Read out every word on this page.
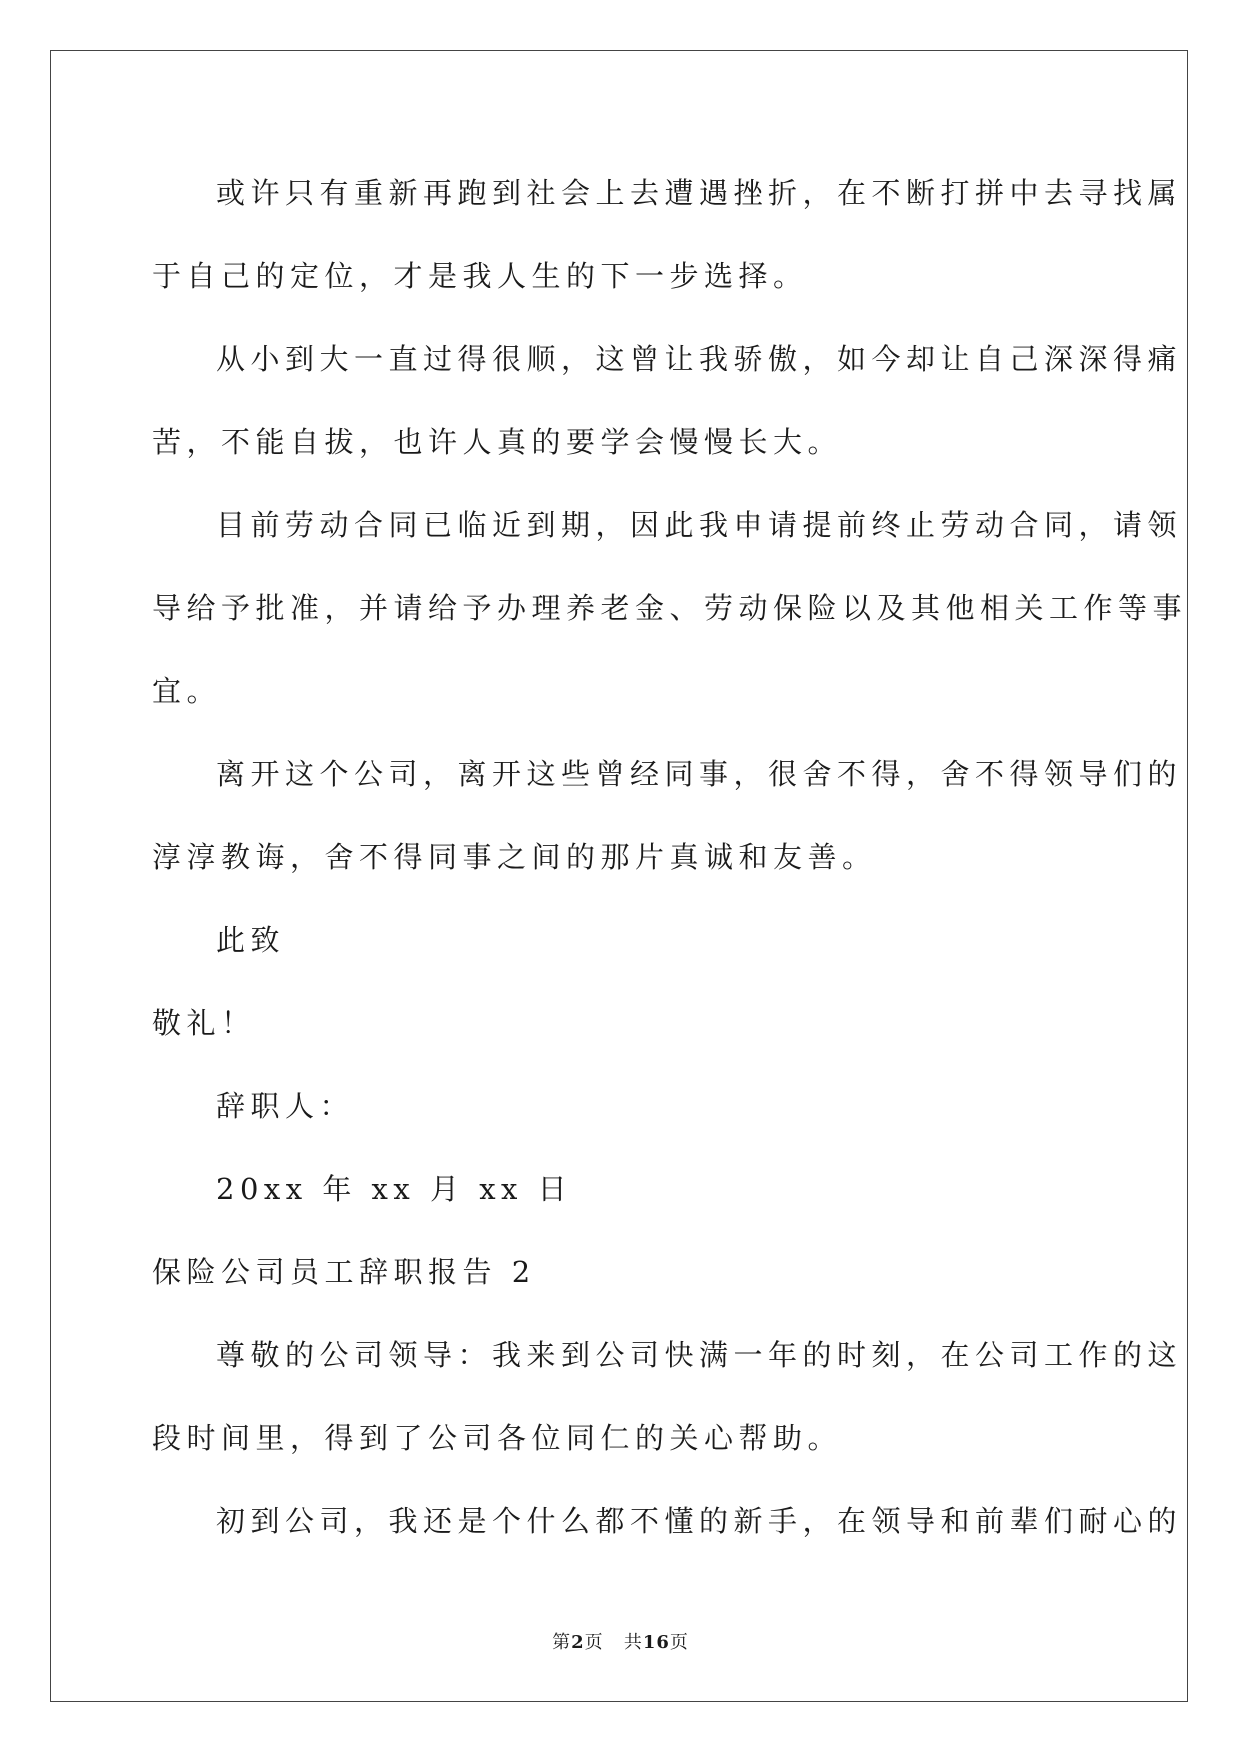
或许只有重新再跑到社会上去遭遇挫折，在不断打拼中去寻找属
于自己的定位，才是我人生的下一步选择。
从小到大一直过得很顺，这曾让我骄傲，如今却让自己深深得痛
苦，不能自拔，也许人真的要学会慢慢长大。
目前劳动合同已临近到期，因此我申请提前终止劳动合同，请领
导给予批准，并请给予办理养老金、劳动保险以及其他相关工作等事
宜。
离开这个公司，离开这些曾经同事，很舍不得，舍不得领导们的
淳淳教诲，舍不得同事之间的那片真诚和友善。
此致
敬礼！
辞职人：
20xx 年 xx 月 xx 日
保险公司员工辞职报告 2
尊敬的公司领导：我来到公司快满一年的时刻，在公司工作的这
段时间里，得到了公司各位同仁的关心帮助。
初到公司，我还是个什么都不懂的新手，在领导和前辈们耐心的
第2页 共16页
